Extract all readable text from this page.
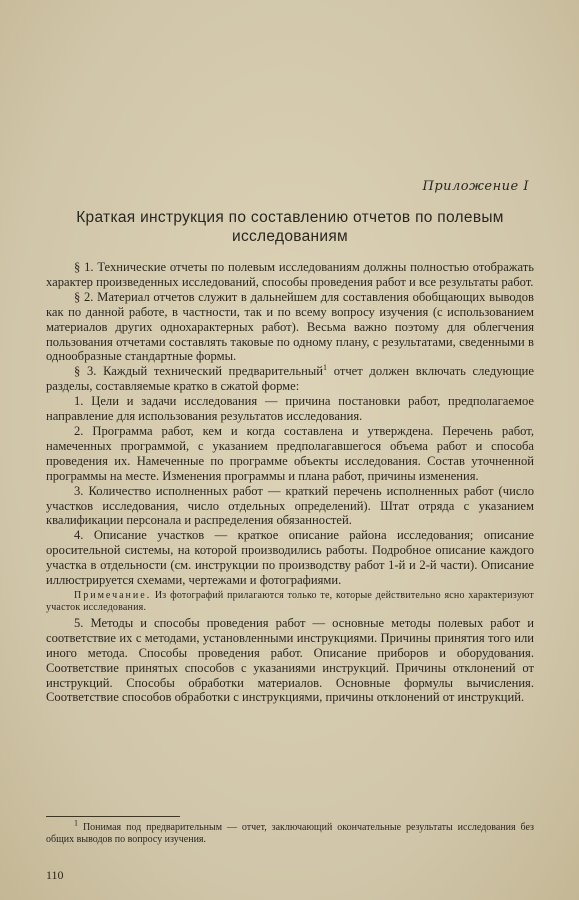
Приложение I
Краткая инструкция по составлению отчетов по полевым исследованиям

§ 1. Технические отчеты по полевым исследованиям должны полностью отображать характер произведенных исследований, способы проведения работ и все результаты работ.

§ 2. Материал отчетов служит в дальнейшем для составления обобщающих выводов как по данной работе, в частности, так и по всему вопросу изучения (с использованием материалов других однохарактерных работ). Весьма важно поэтому для облегчения пользования отчетами составлять таковые по одному плану, с результатами, сведенными в однообразные стандартные формы.

§ 3. Каждый технический предварительный$^1$ отчет должен включать следующие разделы, составляемые кратко в сжатой форме:

1. Цели и задачи исследования — причина постановки работ, предполагаемое направление для использования результатов исследования.

2. Программа работ, кем и когда составлена и утверждена. Перечень работ, намеченных программой, с указанием предполагавшегося объема работ и способа проведения их. Намеченные по программе объекты исследования. Состав уточненной программы на месте. Изменения программы и плана работ, причины изменения.

3. Количество исполненных работ — краткий перечень исполненных работ (число участков исследования, число отдельных определений). Штат отряда с указанием квалификации персонала и распределения обязанностей.

4. Описание участков — краткое описание района исследования; описание оросительной системы, на которой производились работы. Подробное описание каждого участка в отдельности (см. инструкции по производству работ 1-й и 2-й части). Описание иллюстрируется схемами, чертежами и фотографиями.

Примечание. Из фотографий прилагаются только те, которые действительно ясно характеризуют участок исследования.

5. Методы и способы проведения работ — основные методы полевых работ и соответствие их с методами, установленными инструкциями. Причины принятия того или иного метода. Способы проведения работ. Описание приборов и оборудования. Соответствие принятых способов с указаниями инструкций. Причины отклонений от инструкций. Способы обработки материалов. Основные формулы вычисления. Соответствие способов обработки с инструкциями, причины отклонений от инструкций.

$^1$ Понимая под предварительным — отчет, заключающий окончательные результаты исследования без общих выводов по вопросу изучения.
110
